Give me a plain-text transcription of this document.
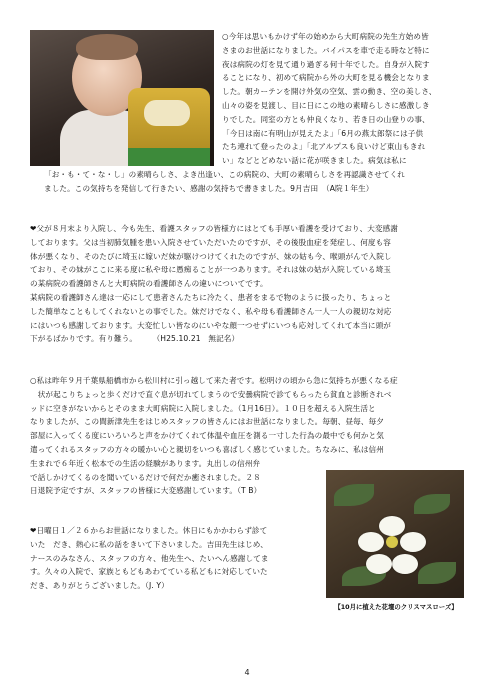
○今年は思いもかけず年の始めから大町病院の先生方始め皆
さまのお世話になりました。バイパスを車で走る時など特に
夜は病院の灯を見て通り過ぎる何十年でした。自身が入院す
ることになり、初めて病院から外の大町を見る機会となりま
した。朝カーテンを開け外気の空気、雲の動き、空の美しさ、
山々の姿を見渡し、目に日にこの地の素晴らしさに感激しき
りでした。同室の方とも仲良くなり、若き日の山登りの事、
「今日は南に有明山が見えたよ」「6月の燕太郎祭には子供
たち連れて登ったのよ」「北アルプスも良いけど東山もきれ
い」などとどめない話に花が咲きました。病気は私に
「お・も・て・な・し」の素晴らしさ、よき出逢い、この病院の、大町の素晴らしさを再認識させてくれ
ました。この気持ちを発信して行きたい、感謝の気持ちで書きました。9月吉田　（A院１年生）
❤父が８月末より入院し、今も先生、看護スタッフの皆様方にはとても手厚い看護を受けており、大変感謝
しております。父は当初肺気腫を患い入院させていただいたのですが、その後股血症を発症し、何度も容
体が悪くなり、そのたびに埼玉に嫁いだ妹が駆けつけてくれたのですが、妹の姑も今、喉頭がんで入院し
ており、その妹がここに来る度に私や母に愚痴ることが一つあります。それは妹の姑が入院している埼玉
の某病院の看護師さんと大町病院の看護師さんの違いについてです。
某病院の看護師さん達は一応にして患者さんたちに冷たく、患者をまるで物のように扱ったり、ちょっと
した簡単なこともしてくれないとの事でした。妹だけでなく、私や母も看護師さん一人一人の親切な対応
にはいつも感謝しております。大変忙しい皆なのにいやな顔一つせずにいつも応対してくれて本当に頭が
下がるばかりです。有り難う。　　　（H25.10.21　無記名）
○私は昨年９月千葉県船橋市から松川村に引っ越して来た者です。松明けの頃から急に気持ちが悪くなる症
　状が起こりちょっと歩くだけで直ぐ息が切れてしまうので安曇病院で診てもらったら貧血と診断されベ
ッドに空きがないからとそのまま大町病院に入院しました。（1月16日）。１０日を超える入院生活と
なりましたが、この間新津先生をはじめスタッフの皆さんにはお世話になりました。毎朝、昼毎、毎夕
部屋に入ってくる度にいろいろと声をかけてくれて体温や血圧を測る一寸した行為の最中でも何かと気
遣ってくれるスタッフの方々の暖かい心と親切をいつも喜ばしく感じていました。ちなみに、私は信州
生まれで６年近く松本での生活の経験があります。丸出しの信州弁
で話しかけてくるのを聞いているだけで何だか癒されました。２８
日退院予定ですが、スタッフの皆様に大変感謝しています。（T B）
❤日曜日１／２６からお世話になりました。休日にもかかわらず診て
いた　だき、熱心に私の話をきいて下さいました。吉田先生はじめ、
ナースのみなさん、スタッフの方々、他先生へ、たいへん感謝してま
す。久々の入院で、家族ともどもあわてている私どもに対応していた
だき、ありがとうございました。（J. Y）
【10月に植えた花壇のクリスマスローズ】
4
